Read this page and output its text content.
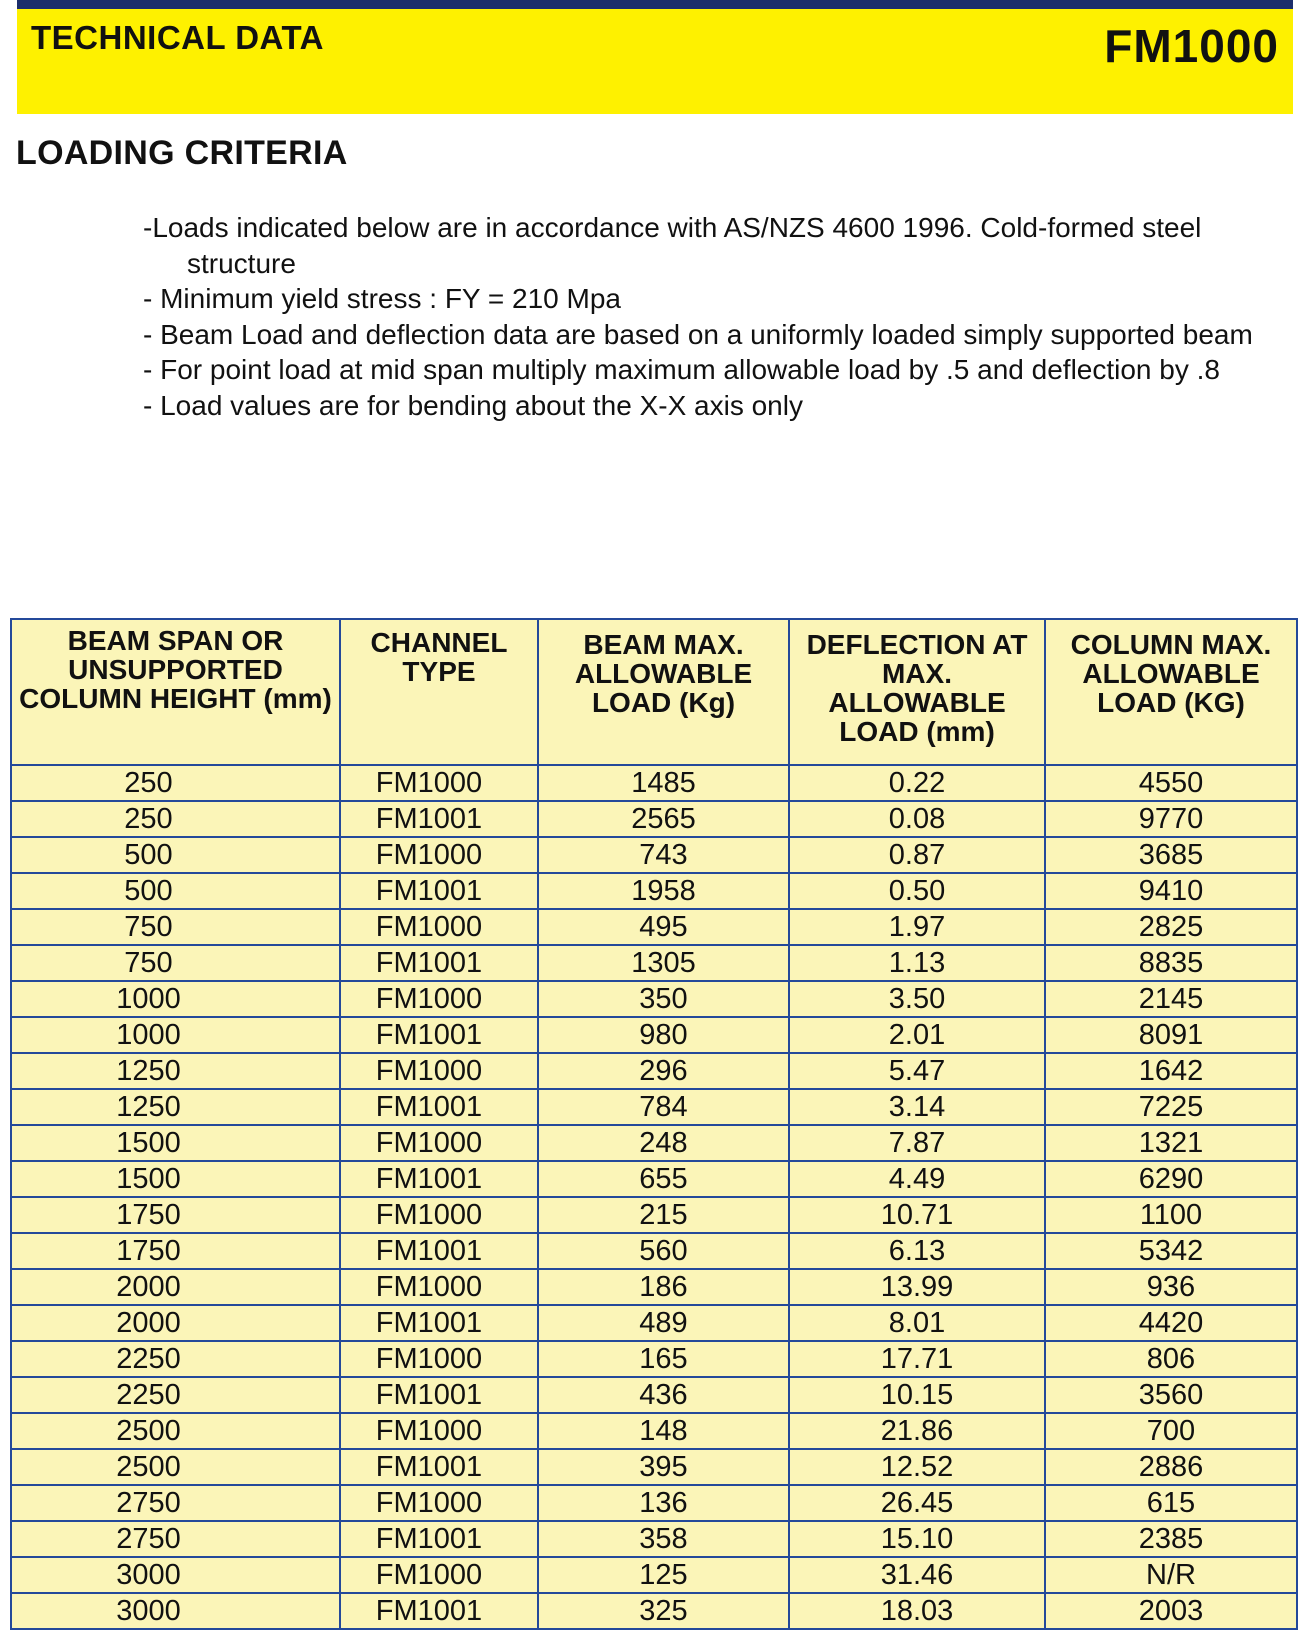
TECHNICAL DATA	FM1000
LOADING CRITERIA
-Loads indicated below are in accordance with AS/NZS 4600 1996. Cold-formed steel structure
- Minimum yield stress : FY = 210 Mpa
- Beam Load and deflection data are based on a uniformly loaded simply supported beam
- For point load at mid span multiply maximum allowable load by .5 and deflection by .8
- Load values are for bending about the X-X axis only
BEAM SPAN OR UNSUPPORTED COLUMN HEIGHT (mm)	CHANNEL TYPE	BEAM MAX. ALLOWABLE LOAD (Kg)	DEFLECTION AT MAX. ALLOWABLE LOAD (mm)	COLUMN MAX. ALLOWABLE LOAD (KG)
250	FM1000	1485	0.22	4550
250	FM1001	2565	0.08	9770
500	FM1000	743	0.87	3685
500	FM1001	1958	0.50	9410
750	FM1000	495	1.97	2825
750	FM1001	1305	1.13	8835
1000	FM1000	350	3.50	2145
1000	FM1001	980	2.01	8091
1250	FM1000	296	5.47	1642
1250	FM1001	784	3.14	7225
1500	FM1000	248	7.87	1321
1500	FM1001	655	4.49	6290
1750	FM1000	215	10.71	1100
1750	FM1001	560	6.13	5342
2000	FM1000	186	13.99	936
2000	FM1001	489	8.01	4420
2250	FM1000	165	17.71	806
2250	FM1001	436	10.15	3560
2500	FM1000	148	21.86	700
2500	FM1001	395	12.52	2886
2750	FM1000	136	26.45	615
2750	FM1001	358	15.10	2385
3000	FM1000	125	31.46	N/R
3000	FM1001	325	18.03	2003
